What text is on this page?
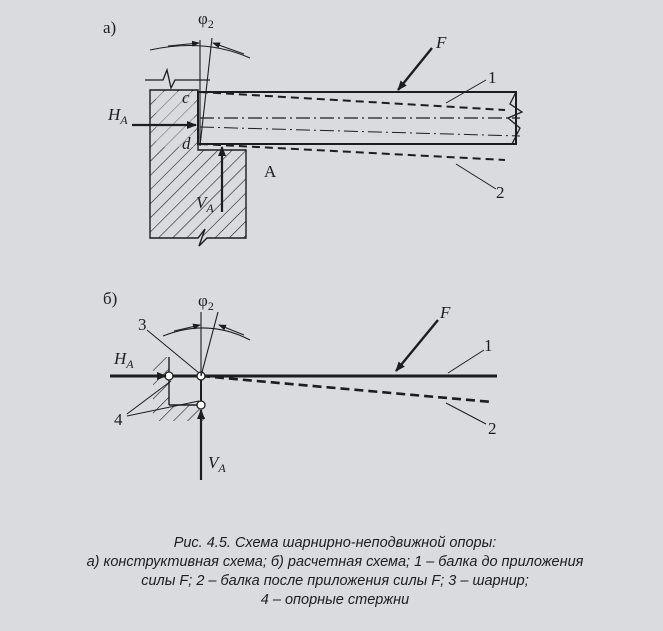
а)	$\varphi_2$
F
$H_A$
$V_A$
c
d
A
1
2
б)	$\varphi_2$	F
$H_A$
$V_A$
3
4
1
2
Рис. 4.5. Схема шарнирно-неподвижной опоры:
а) конструктивная схема; б) расчетная схема; 1 – балка до приложения
силы F; 2 – балка после приложения силы F; 3 – шарнир;
4 – опорные стержни
